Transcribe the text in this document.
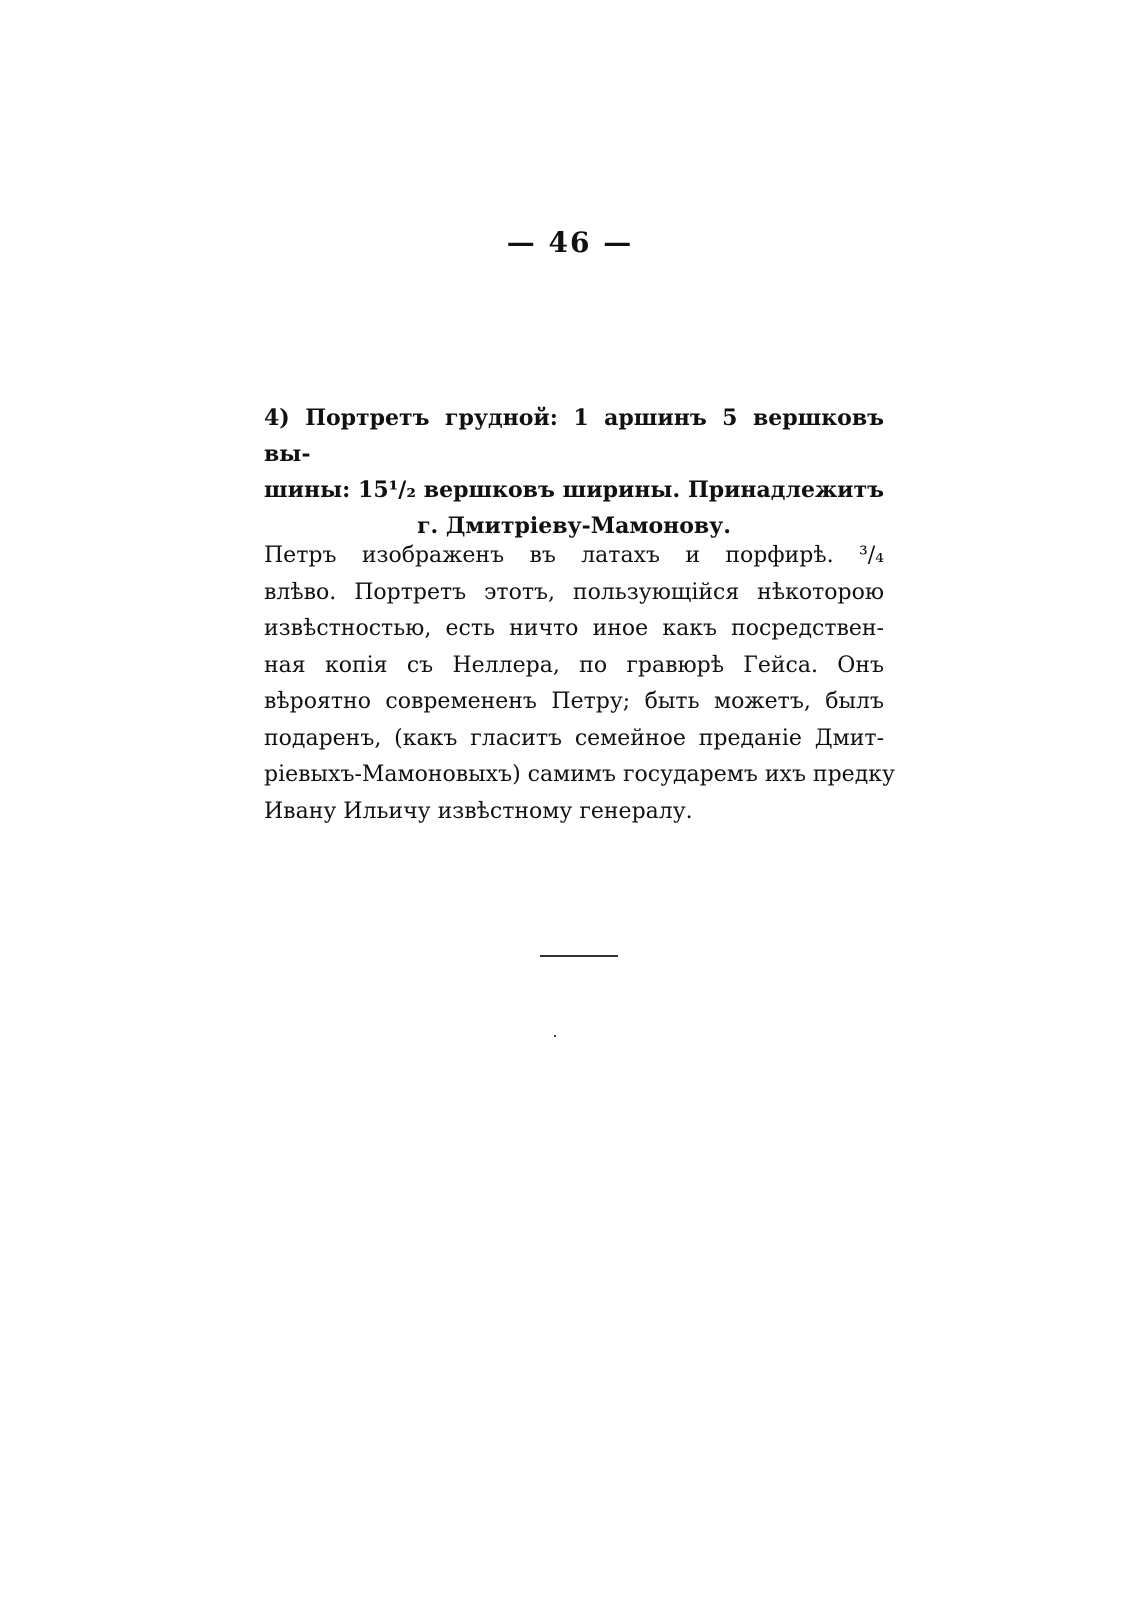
— 46 —
4) Портретъ грудной: 1 аршинъ 5 вершковъ вы-
шины: 15¹/₂ вершковъ ширины. Принадлежитъ
г. Дмитріеву-Мамонову.
Петръ изображенъ въ латахъ и порфирѣ. ³/₄
влѣво. Портретъ этотъ, пользующійся нѣкоторою
извѣстностью, есть ничто иное какъ посредствен-
ная копія съ Неллера, по гравюрѣ Гейса. Онъ
вѣроятно современенъ Петру; быть можетъ, былъ
подаренъ, (какъ гласитъ семейное преданіе Дмит-
ріевыхъ-Мамоновыхъ) самимъ государемъ ихъ предку
Ивану Ильичу извѣстному генералу.
